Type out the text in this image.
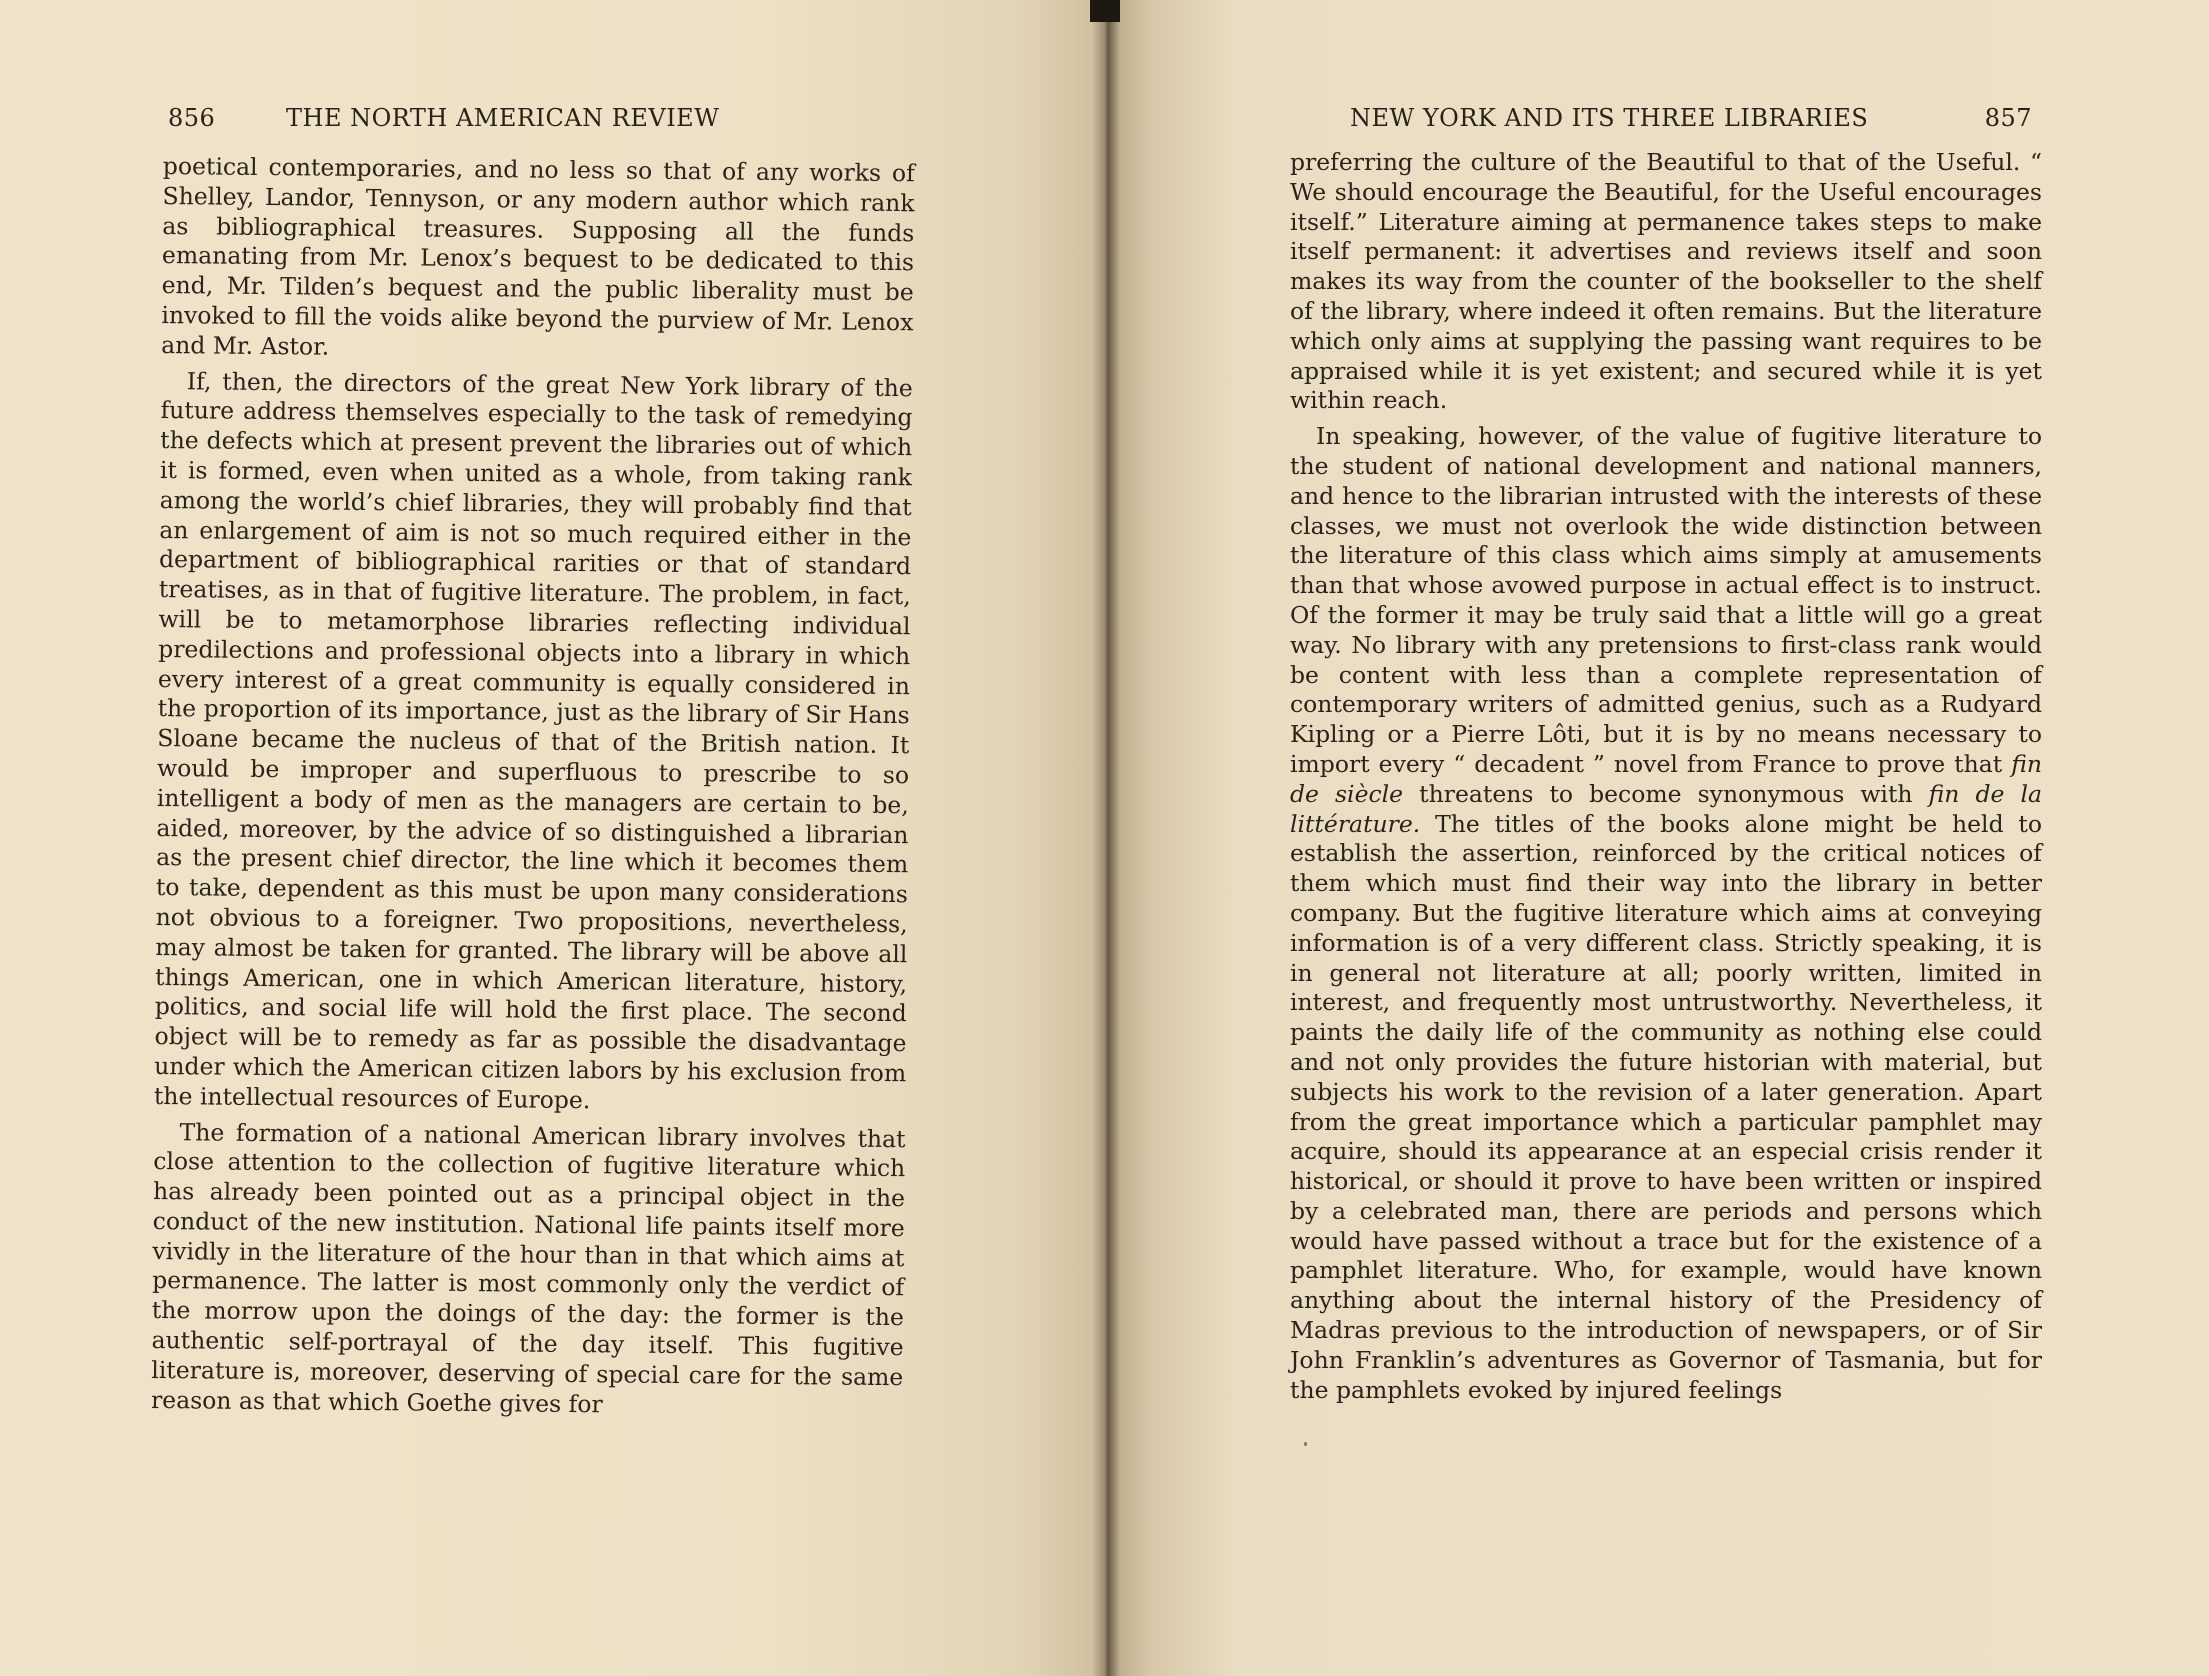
856	THE NORTH AMERICAN REVIEW

poetical contemporaries, and no less so that of any works of Shelley, Landor, Tennyson, or any modern author which rank as bibliographical treasures. Supposing all the funds emanating from Mr. Lenox’s bequest to be dedicated to this end, Mr. Tilden’s bequest and the public liberality must be invoked to fill the voids alike beyond the purview of Mr. Lenox and Mr. Astor.

If, then, the directors of the great New York library of the future address themselves especially to the task of remedying the defects which at present prevent the libraries out of which it is formed, even when united as a whole, from taking rank among the world’s chief libraries, they will probably find that an enlargement of aim is not so much required either in the department of bibliographical rarities or that of standard treatises, as in that of fugitive literature. The problem, in fact, will be to metamorphose libraries reflecting individual predilections and professional objects into a library in which every interest of a great community is equally considered in the proportion of its importance, just as the library of Sir Hans Sloane became the nucleus of that of the British nation. It would be improper and superfluous to prescribe to so intelligent a body of men as the managers are certain to be, aided, moreover, by the advice of so distinguished a librarian as the present chief director, the line which it becomes them to take, dependent as this must be upon many considerations not obvious to a foreigner. Two propositions, nevertheless, may almost be taken for granted. The library will be above all things American, one in which American literature, history, politics, and social life will hold the first place. The second object will be to remedy as far as possible the disadvantage under which the American citizen labors by his exclusion from the intellectual resources of Europe.

The formation of a national American library involves that close attention to the collection of fugitive literature which has already been pointed out as a principal object in the conduct of the new institution. National life paints itself more vividly in the literature of the hour than in that which aims at permanence. The latter is most commonly only the verdict of the morrow upon the doings of the day: the former is the authentic self-portrayal of the day itself. This fugitive literature is, moreover, deserving of special care for the same reason as that which Goethe gives for

NEW YORK AND ITS THREE LIBRARIES	857

preferring the culture of the Beautiful to that of the Useful. “ We should encourage the Beautiful, for the Useful encourages itself.” Literature aiming at permanence takes steps to make itself permanent: it advertises and reviews itself and soon makes its way from the counter of the bookseller to the shelf of the library, where indeed it often remains. But the literature which only aims at supplying the passing want requires to be appraised while it is yet existent; and secured while it is yet within reach.

In speaking, however, of the value of fugitive literature to the student of national development and national manners, and hence to the librarian intrusted with the interests of these classes, we must not overlook the wide distinction between the literature of this class which aims simply at amusements than that whose avowed purpose in actual effect is to instruct. Of the former it may be truly said that a little will go a great way. No library with any pretensions to first-class rank would be content with less than a complete representation of contemporary writers of admitted genius, such as a Rudyard Kipling or a Pierre Lôti, but it is by no means necessary to import every “ decadent ” novel from France to prove that fin de siècle threatens to become synonymous with fin de la littérature. The titles of the books alone might be held to establish the assertion, reinforced by the critical notices of them which must find their way into the library in better company. But the fugitive literature which aims at conveying information is of a very different class. Strictly speaking, it is in general not literature at all; poorly written, limited in interest, and frequently most untrustworthy. Nevertheless, it paints the daily life of the community as nothing else could and not only provides the future historian with material, but subjects his work to the revision of a later generation. Apart from the great importance which a particular pamphlet may acquire, should its appearance at an especial crisis render it historical, or should it prove to have been written or inspired by a celebrated man, there are periods and persons which would have passed without a trace but for the existence of a pamphlet literature. Who, for example, would have known anything about the internal history of the Presidency of Madras previous to the introduction of newspapers, or of Sir John Franklin’s adventures as Governor of Tasmania, but for the pamphlets evoked by injured feelings
